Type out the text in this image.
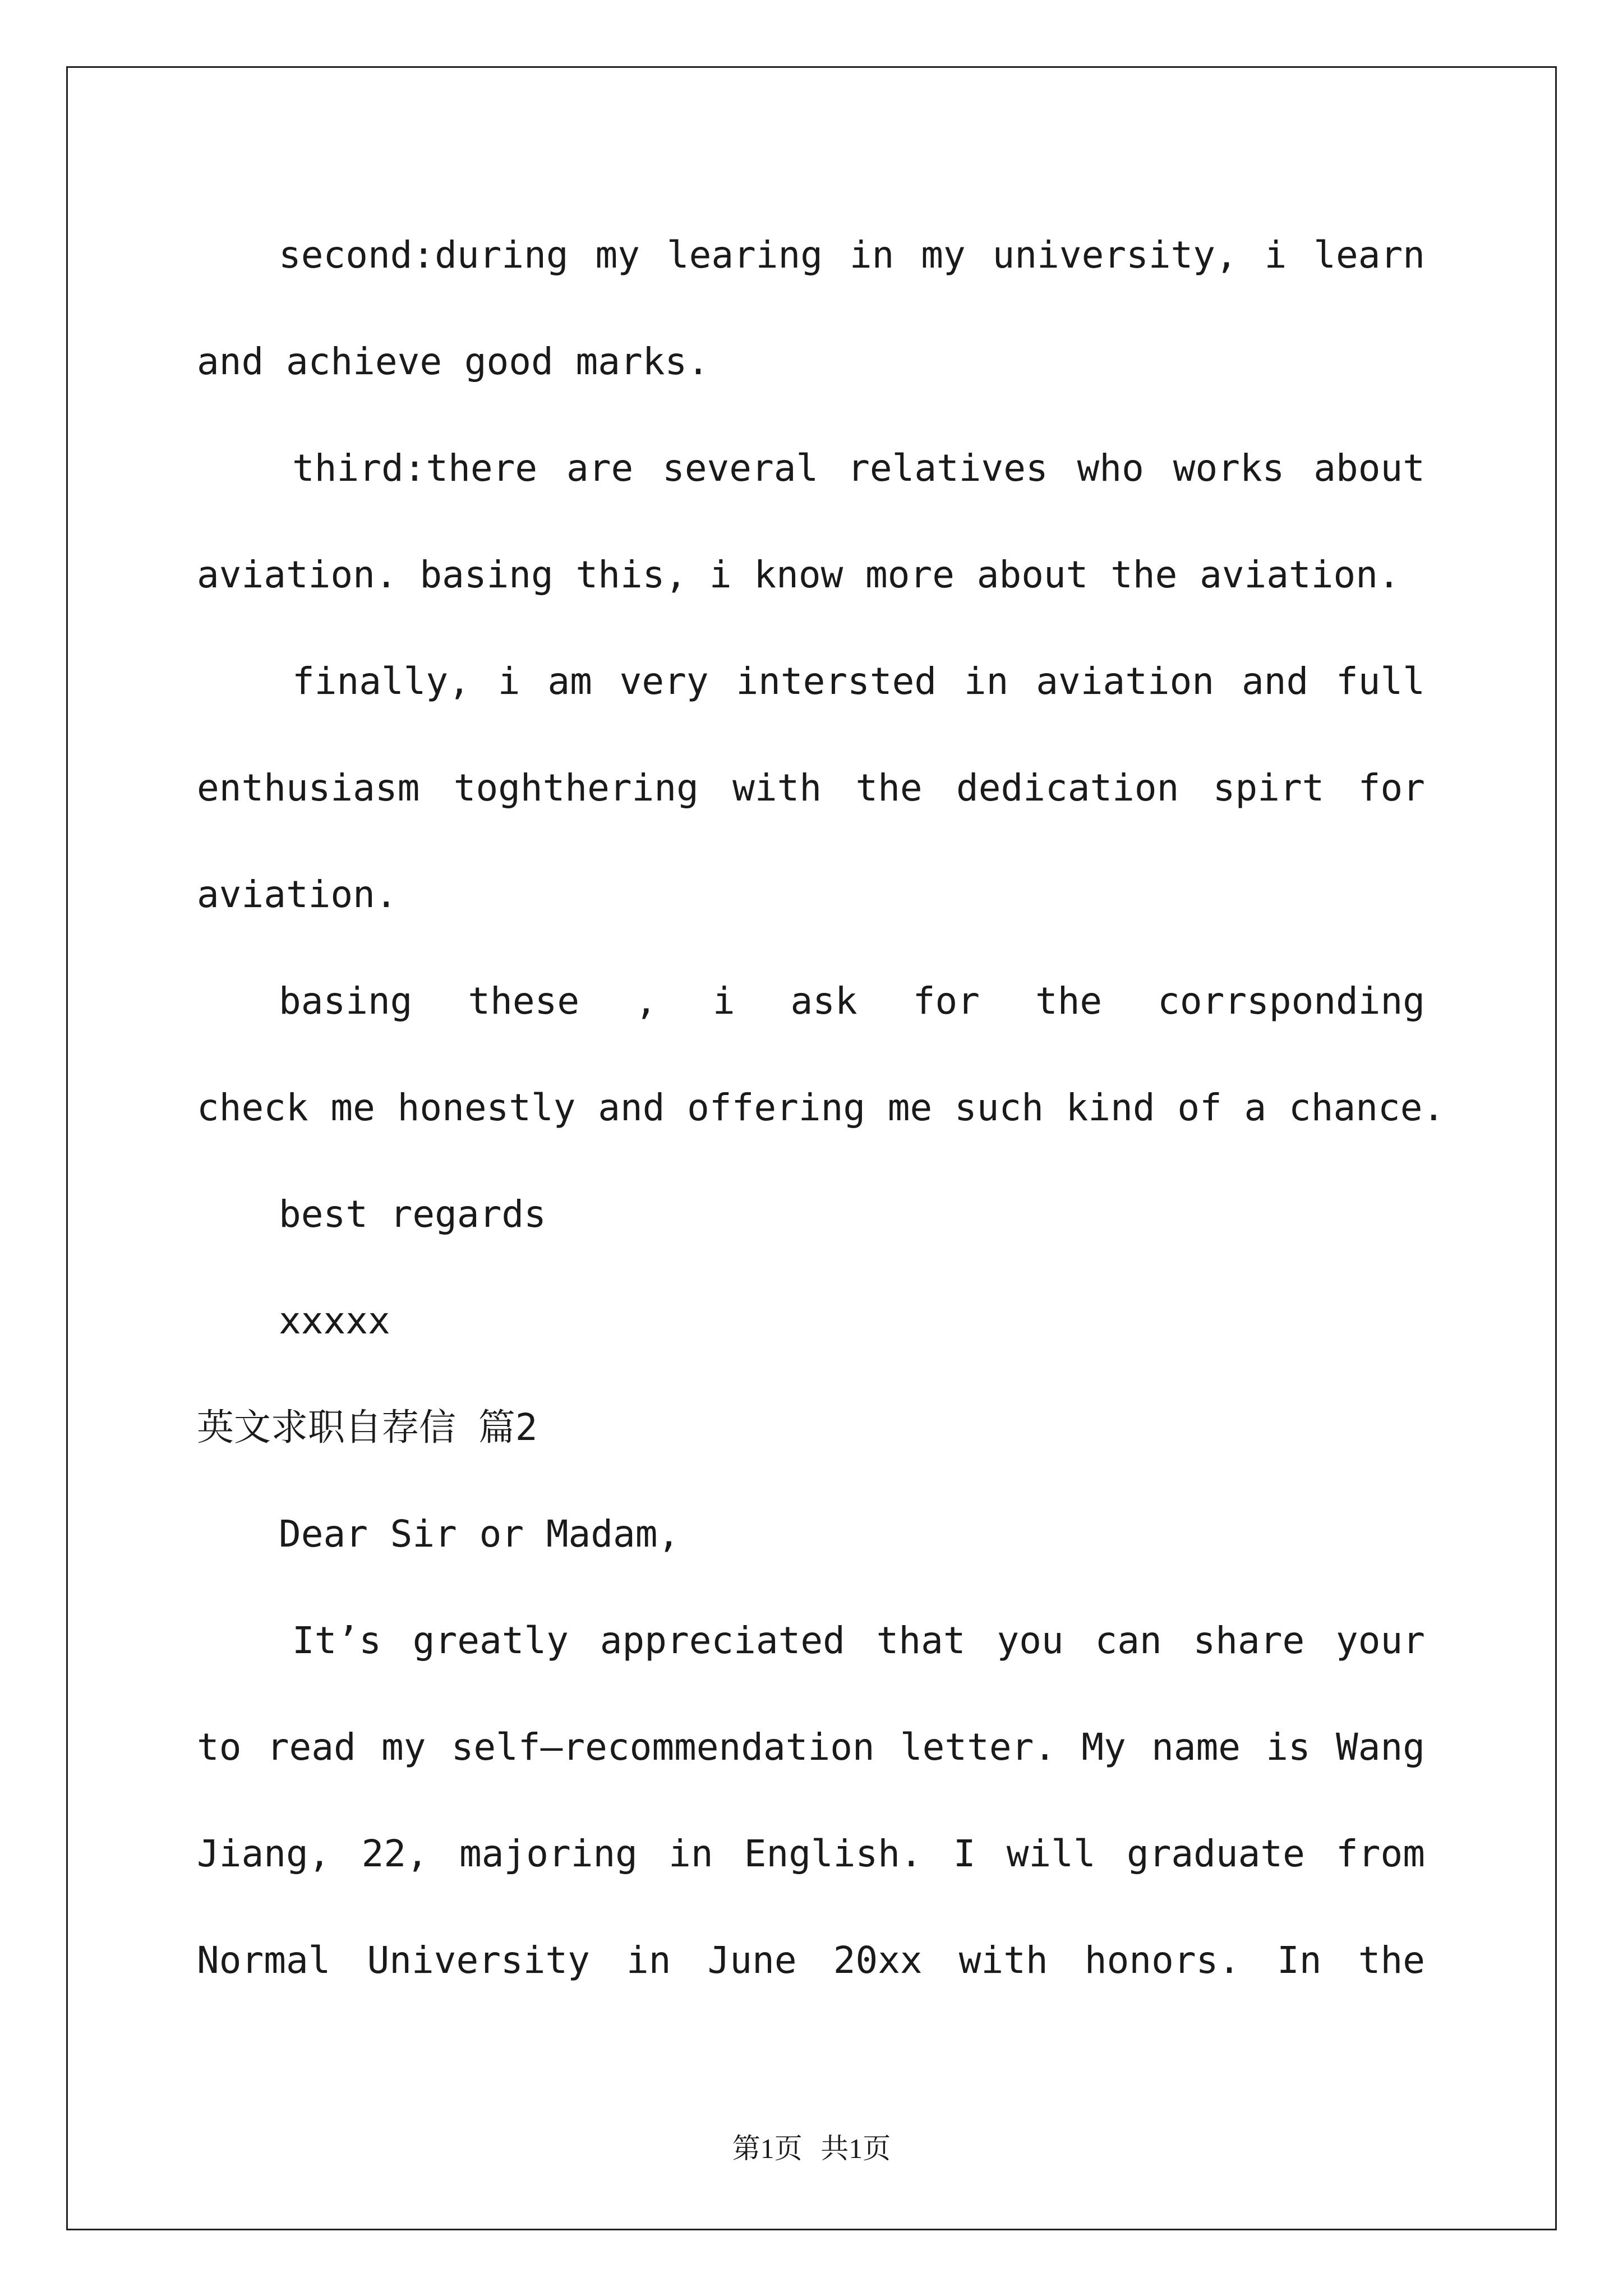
second:during my learing in my university, i learn
and achieve good marks.
third:there are several relatives who works about
aviation. basing this, i know more about the aviation.
finally, i am very intersted in aviation and full
enthusiasm toghthering with the dedication spirt for
aviation.
basing these , i ask for the corrsponding
check me honestly and offering me such kind of a chance.
best regards
xxxxx
英文求职自荐信 篇2
Dear Sir or Madam,
It’s greatly appreciated that you can share your
to read my self—recommendation letter. My name is Wang
Jiang, 22, majoring in English. I will graduate from
Normal University in June 20xx with honors. In the
第1页 共1页
